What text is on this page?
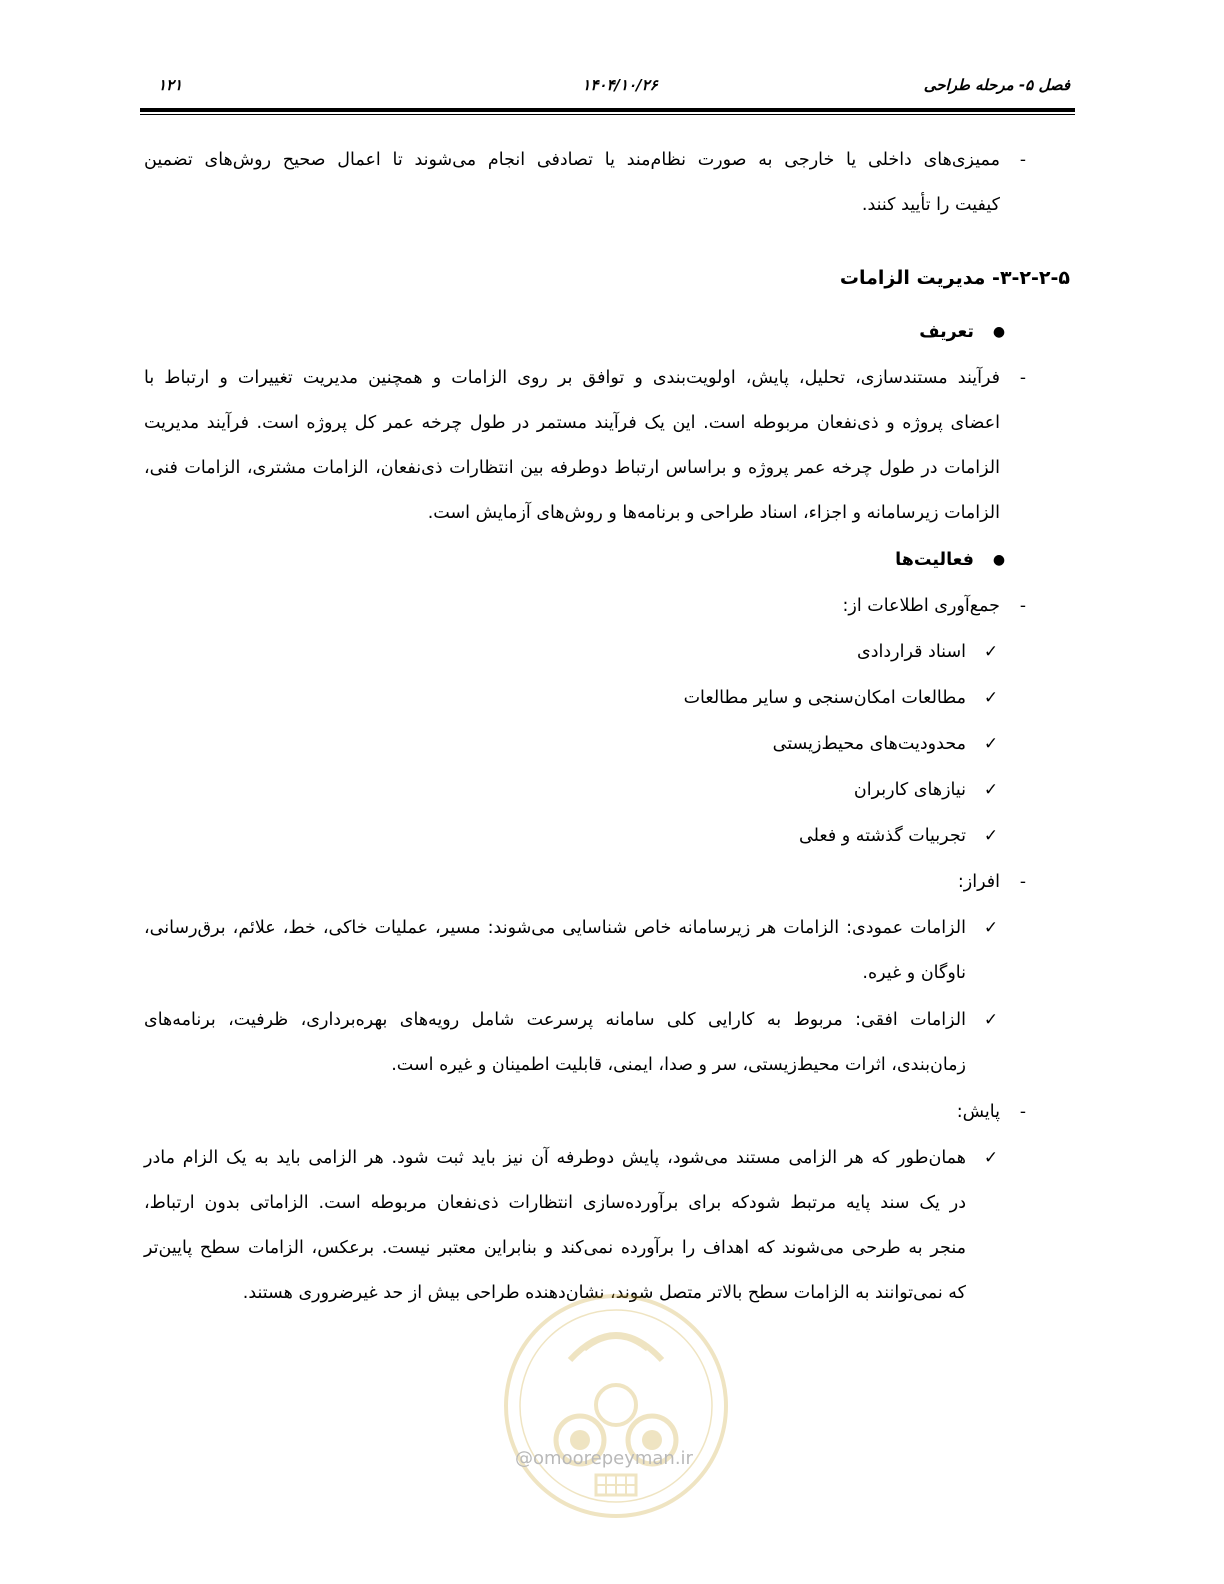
فصل ۵- مرحله طراحی
۱۴۰۴/۱۰/۲۶
۱۲۱
-
ممیزی‌های داخلی یا خارجی به صورت نظام‌مند یا تصادفی انجام می‌شوند تا اعمال صحیح روش‌های تضمین
کیفیت را تأیید کنند.
۳-۲-۲-۵- مدیریت الزامات
●
تعریف
-
فرآیند مستندسازی، تحلیل، پایش، اولویت‌بندی و توافق بر روی الزامات و همچنین مدیریت تغییرات و ارتباط با
اعضای پروژه و ذی‌نفعان مربوطه است. این یک فرآیند مستمر در طول چرخه عمر کل پروژه است. فرآیند مدیریت
الزامات در طول چرخه عمر پروژه و براساس ارتباط دوطرفه بین انتظارات ذی‌نفعان، الزامات مشتری، الزامات فنی،
الزامات زیرسامانه و اجزاء، اسناد طراحی و برنامه‌ها و روش‌های آزمایش است.
●
فعالیت‌ها
-
جمع‌آوری اطلاعات از:
✓
اسناد قراردادی
✓
مطالعات امکان‌سنجی و سایر مطالعات
✓
محدودیت‌های محیط‌زیستی
✓
نیازهای کاربران
✓
تجربیات گذشته و فعلی
-
افراز:
✓
الزامات عمودی: الزامات هر زیرسامانه خاص شناسایی می‌شوند: مسیر، عملیات خاکی، خط، علائم، برق‌رسانی،
ناوگان و غیره.
✓
الزامات افقی: مربوط به کارایی کلی سامانه پرسرعت شامل رویه‌های بهره‌برداری، ظرفیت، برنامه‌های
زمان‌بندی، اثرات محیط‌زیستی، سر و صدا، ایمنی، قابلیت اطمینان و غیره است.
-
پایش:
✓
همان‌طور که هر الزامی مستند می‌شود، پایش دوطرفه آن نیز باید ثبت شود. هر الزامی باید به یک الزام مادر
در یک سند پایه مرتبط شودکه برای برآورده‌سازی انتظارات ذی‌نفعان مربوطه است. الزاماتی بدون ارتباط،
منجر به طرحی می‌شوند که اهداف را برآورده نمی‌کند و بنابراین معتبر نیست. برعکس، الزامات سطح پایین‌تر
که نمی‌توانند به الزامات سطح بالاتر متصل شوند، نشان‌دهنده طراحی بیش از حد غیرضروری هستند.
@omoorepeyman.ir
